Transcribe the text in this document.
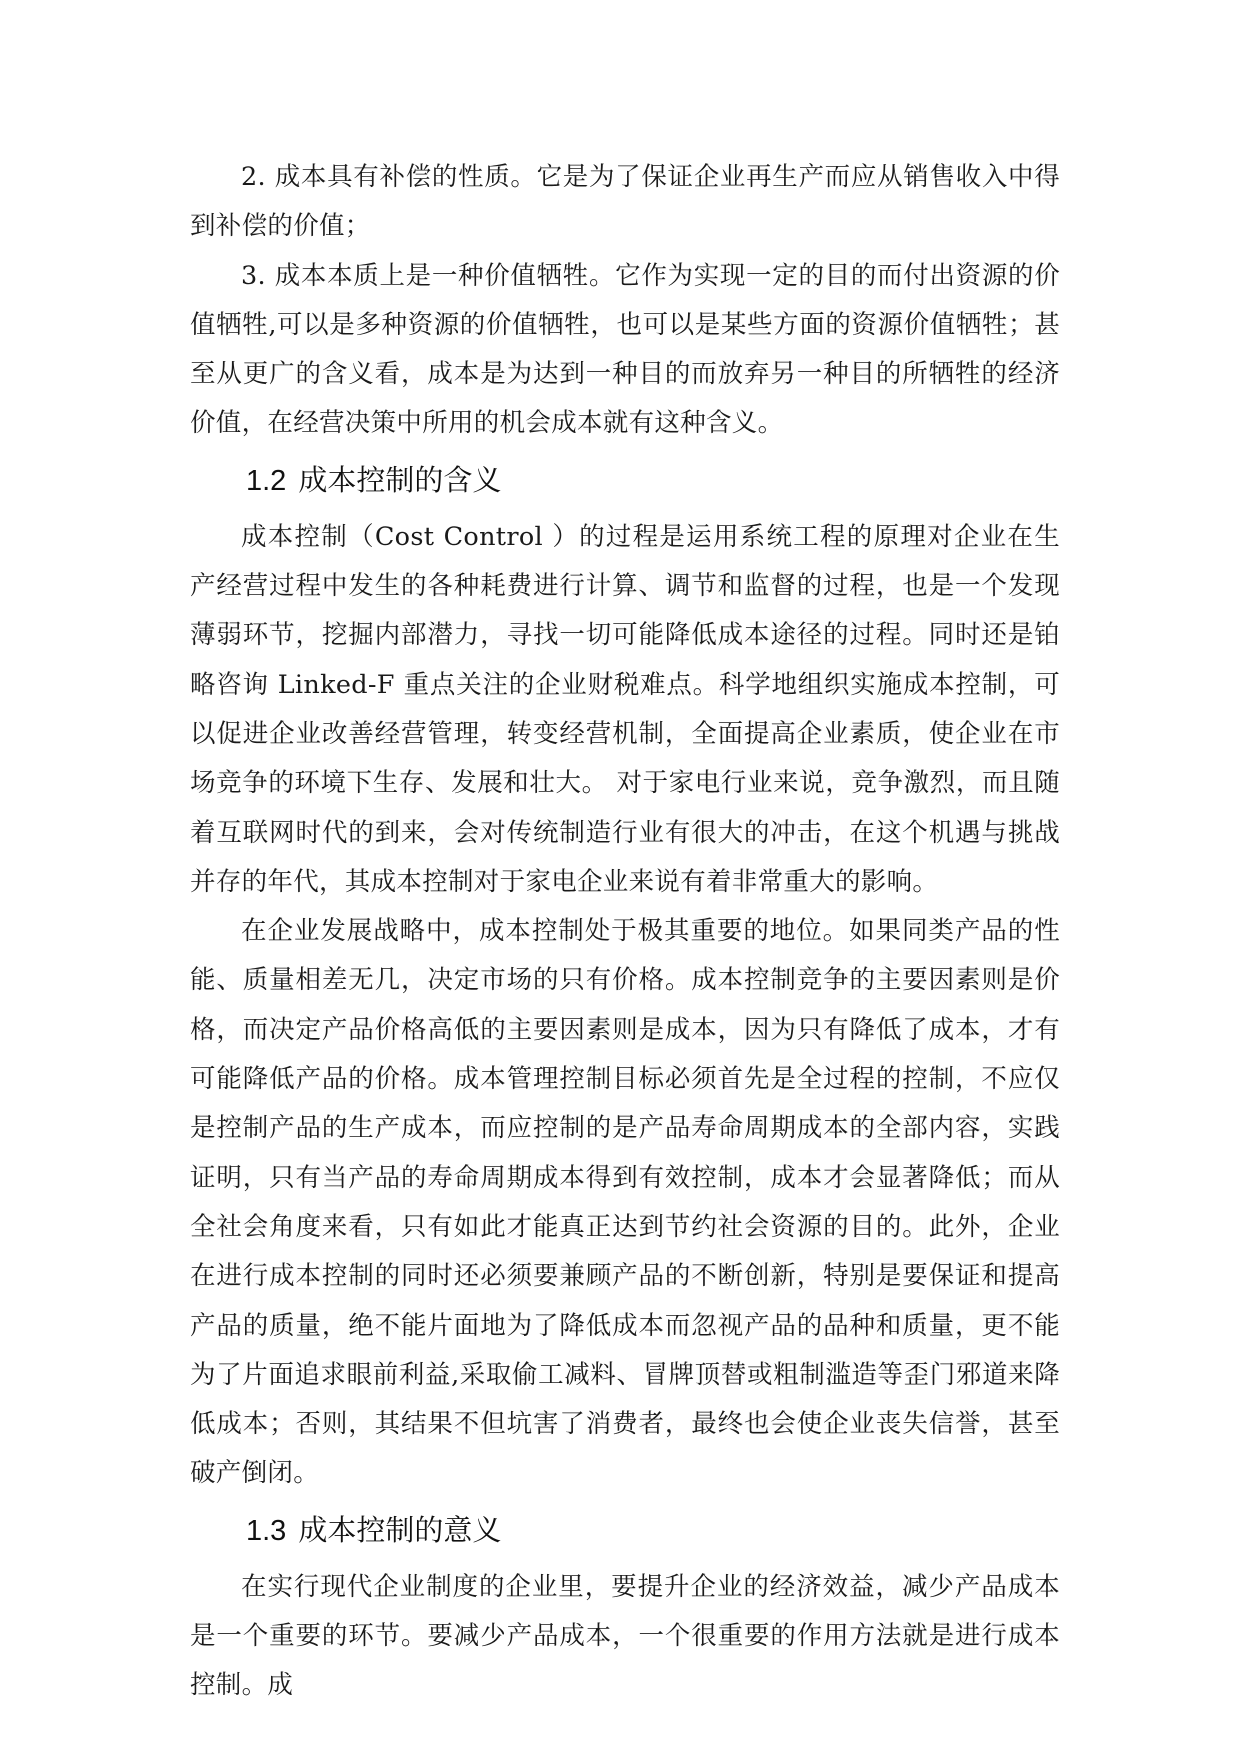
2. 成本具有补偿的性质。它是为了保证企业再生产而应从销售收入中得到补偿的价值；

3. 成本本质上是一种价值牺牲。它作为实现一定的目的而付出资源的价值牺牲,可以是多种资源的价值牺牲，也可以是某些方面的资源价值牺牲；甚至从更广的含义看，成本是为达到一种目的而放弃另一种目的所牺牲的经济价值，在经营决策中所用的机会成本就有这种含义。

1.2 成本控制的含义

成本控制（Cost Control ）的过程是运用系统工程的原理对企业在生产经营过程中发生的各种耗费进行计算、调节和监督的过程，也是一个发现薄弱环节，挖掘内部潜力，寻找一切可能降低成本途径的过程。同时还是铂略咨询 Linked-F 重点关注的企业财税难点。科学地组织实施成本控制，可以促进企业改善经营管理，转变经营机制，全面提高企业素质，使企业在市场竞争的环境下生存、发展和壮大。 对于家电行业来说，竞争激烈，而且随着互联网时代的到来，会对传统制造行业有很大的冲击，在这个机遇与挑战并存的年代，其成本控制对于家电企业来说有着非常重大的影响。

在企业发展战略中，成本控制处于极其重要的地位。如果同类产品的性能、质量相差无几，决定市场的只有价格。成本控制竞争的主要因素则是价格，而决定产品价格高低的主要因素则是成本，因为只有降低了成本，才有可能降低产品的价格。成本管理控制目标必须首先是全过程的控制，不应仅是控制产品的生产成本，而应控制的是产品寿命周期成本的全部内容，实践证明，只有当产品的寿命周期成本得到有效控制，成本才会显著降低；而从全社会角度来看，只有如此才能真正达到节约社会资源的目的。此外，企业在进行成本控制的同时还必须要兼顾产品的不断创新，特别是要保证和提高产品的质量，绝不能片面地为了降低成本而忽视产品的品种和质量，更不能为了片面追求眼前利益,采取偷工减料、冒牌顶替或粗制滥造等歪门邪道来降低成本；否则，其结果不但坑害了消费者，最终也会使企业丧失信誉，甚至破产倒闭。

1.3 成本控制的意义

在实行现代企业制度的企业里，要提升企业的经济效益，减少产品成本是一个重要的环节。要减少产品成本，一个很重要的作用方法就是进行成本控制。成
